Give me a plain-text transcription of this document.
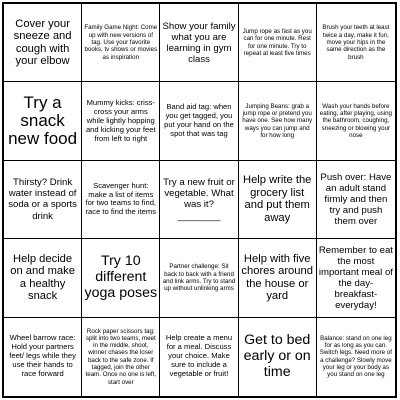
Cover your sneeze and cough with your elbow
Family Game Night: Come up with new versions of tag. Use your favorite books, tv shows or movies as inspiration
Show your family what you are learning in gym class
Jump rope as fast as you can for one minute. Rest for one minute. Try to repeat at least five times
Brush your teeth at least twice a day, make it fun, move your hips in the same direction as the brush
Try a snack new food
Mummy kicks: criss-cross your arms while lightly hopping and kicking your feet from left to right
Band aid tag: when you get tagged, you put your hand on the spot that was tag
Jumping Beans: grab a jump rope or pretend you have one. See how many ways you can jump and for how long
Wash your hands before eating, after playing, using the bathroom, coughing, sneezing or blowing your nose
Thirsty? Drink water instead of soda or a sports drink
Scavenger hunt: make a list of items for two teams to find, race to find the items
Try a new fruit or vegetable. What was it? ________
Help write the grocery list and put them away
Push over: Have an adult stand firmly and then try and push them over
Help decide on and make a healthy snack
Try 10 different yoga poses
Partner challenge: Sit back to back with a friend and link arms. Try to stand up without unlinking arms
Help with five chores around the house or yard
Remember to eat the most important meal of the day- breakfast- everyday!
Wheel barrow race: Hold your partners feet/ legs while they use their hands to race forward
Rock paper scissors tag: split into two teams, meet in the middle, shoot, winner chases the loser back to the safe zone. If tagged, join the other team. Once no one is left, start over
Help create a menu for a meal. Discuss your choice. Make sure to include a vegetable or fruit!
Get to bed early or on time
Balance: stand on one leg for as long as you can. Switch legs. Need more of a challenge? Slowly move your leg or your body as you stand on one leg
